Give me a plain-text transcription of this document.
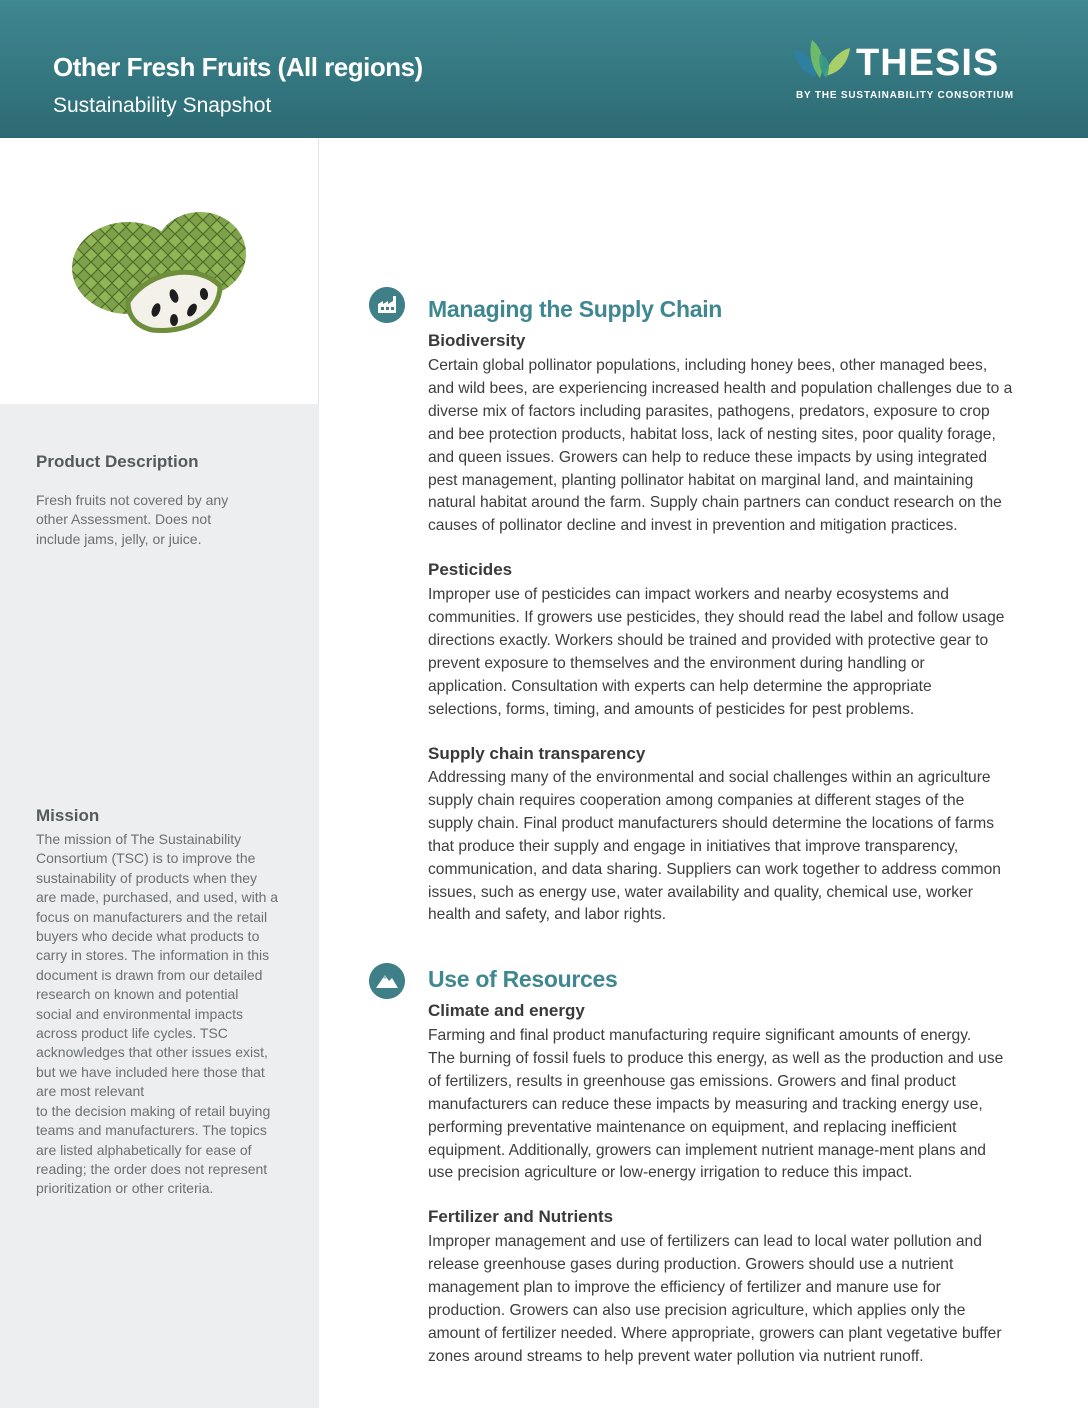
Other Fresh Fruits (All regions)
Sustainability Snapshot
THESIS
BY THE SUSTAINABILITY CONSORTIUM
Product Description

Fresh fruits not covered by any
other Assessment. Does not
include jams, jelly, or juice.

Mission

The mission of The Sustainability
Consortium (TSC) is to improve the
sustainability of products when they
are made, purchased, and used, with a
focus on manufacturers and the retail
buyers who decide what products to
carry in stores. The information in this
document is drawn from our detailed
research on known and potential
social and environmental impacts
across product life cycles. TSC
acknowledges that other issues exist,
but we have included here those that
are most relevant
to the decision making of retail buying
teams and manufacturers. The topics
are listed alphabetically for ease of
reading; the order does not represent
prioritization or other criteria.

Managing the Supply Chain
Biodiversity

Certain global pollinator populations, including honey bees, other managed bees,
and wild bees, are experiencing increased health and population challenges due to a
diverse mix of factors including parasites, pathogens, predators, exposure to crop
and bee protection products, habitat loss, lack of nesting sites, poor quality forage,
and queen issues. Growers can help to reduce these impacts by using integrated
pest management, planting pollinator habitat on marginal land, and maintaining
natural habitat around the farm. Supply chain partners can conduct research on the
causes of pollinator decline and invest in prevention and mitigation practices.

Pesticides

Improper use of pesticides can impact workers and nearby ecosystems and
communities. If growers use pesticides, they should read the label and follow usage
directions exactly. Workers should be trained and provided with protective gear to
prevent exposure to themselves and the environment during handling or
application. Consultation with experts can help determine the appropriate
selections, forms, timing, and amounts of pesticides for pest problems.

Supply chain transparency

Addressing many of the environmental and social challenges within an agriculture
supply chain requires cooperation among companies at different stages of the
supply chain. Final product manufacturers should determine the locations of farms
that produce their supply and engage in initiatives that improve transparency,
communication, and data sharing. Suppliers can work together to address common
issues, such as energy use, water availability and quality, chemical use, worker
health and safety, and labor rights.

Use of Resources
Climate and energy

Farming and final product manufacturing require significant amounts of energy.
The burning of fossil fuels to produce this energy, as well as the production and use
of fertilizers, results in greenhouse gas emissions. Growers and final product
manufacturers can reduce these impacts by measuring and tracking energy use,
performing preventative maintenance on equipment, and replacing inefficient
equipment. Additionally, growers can implement nutrient manage-ment plans and
use precision agriculture or low-energy irrigation to reduce this impact.

Fertilizer and Nutrients

Improper management and use of fertilizers can lead to local water pollution and
release greenhouse gases during production. Growers should use a nutrient
management plan to improve the efficiency of fertilizer and manure use for
production. Growers can also use precision agriculture, which applies only the
amount of fertilizer needed. Where appropriate, growers can plant vegetative buffer
zones around streams to help prevent water pollution via nutrient runoff.
